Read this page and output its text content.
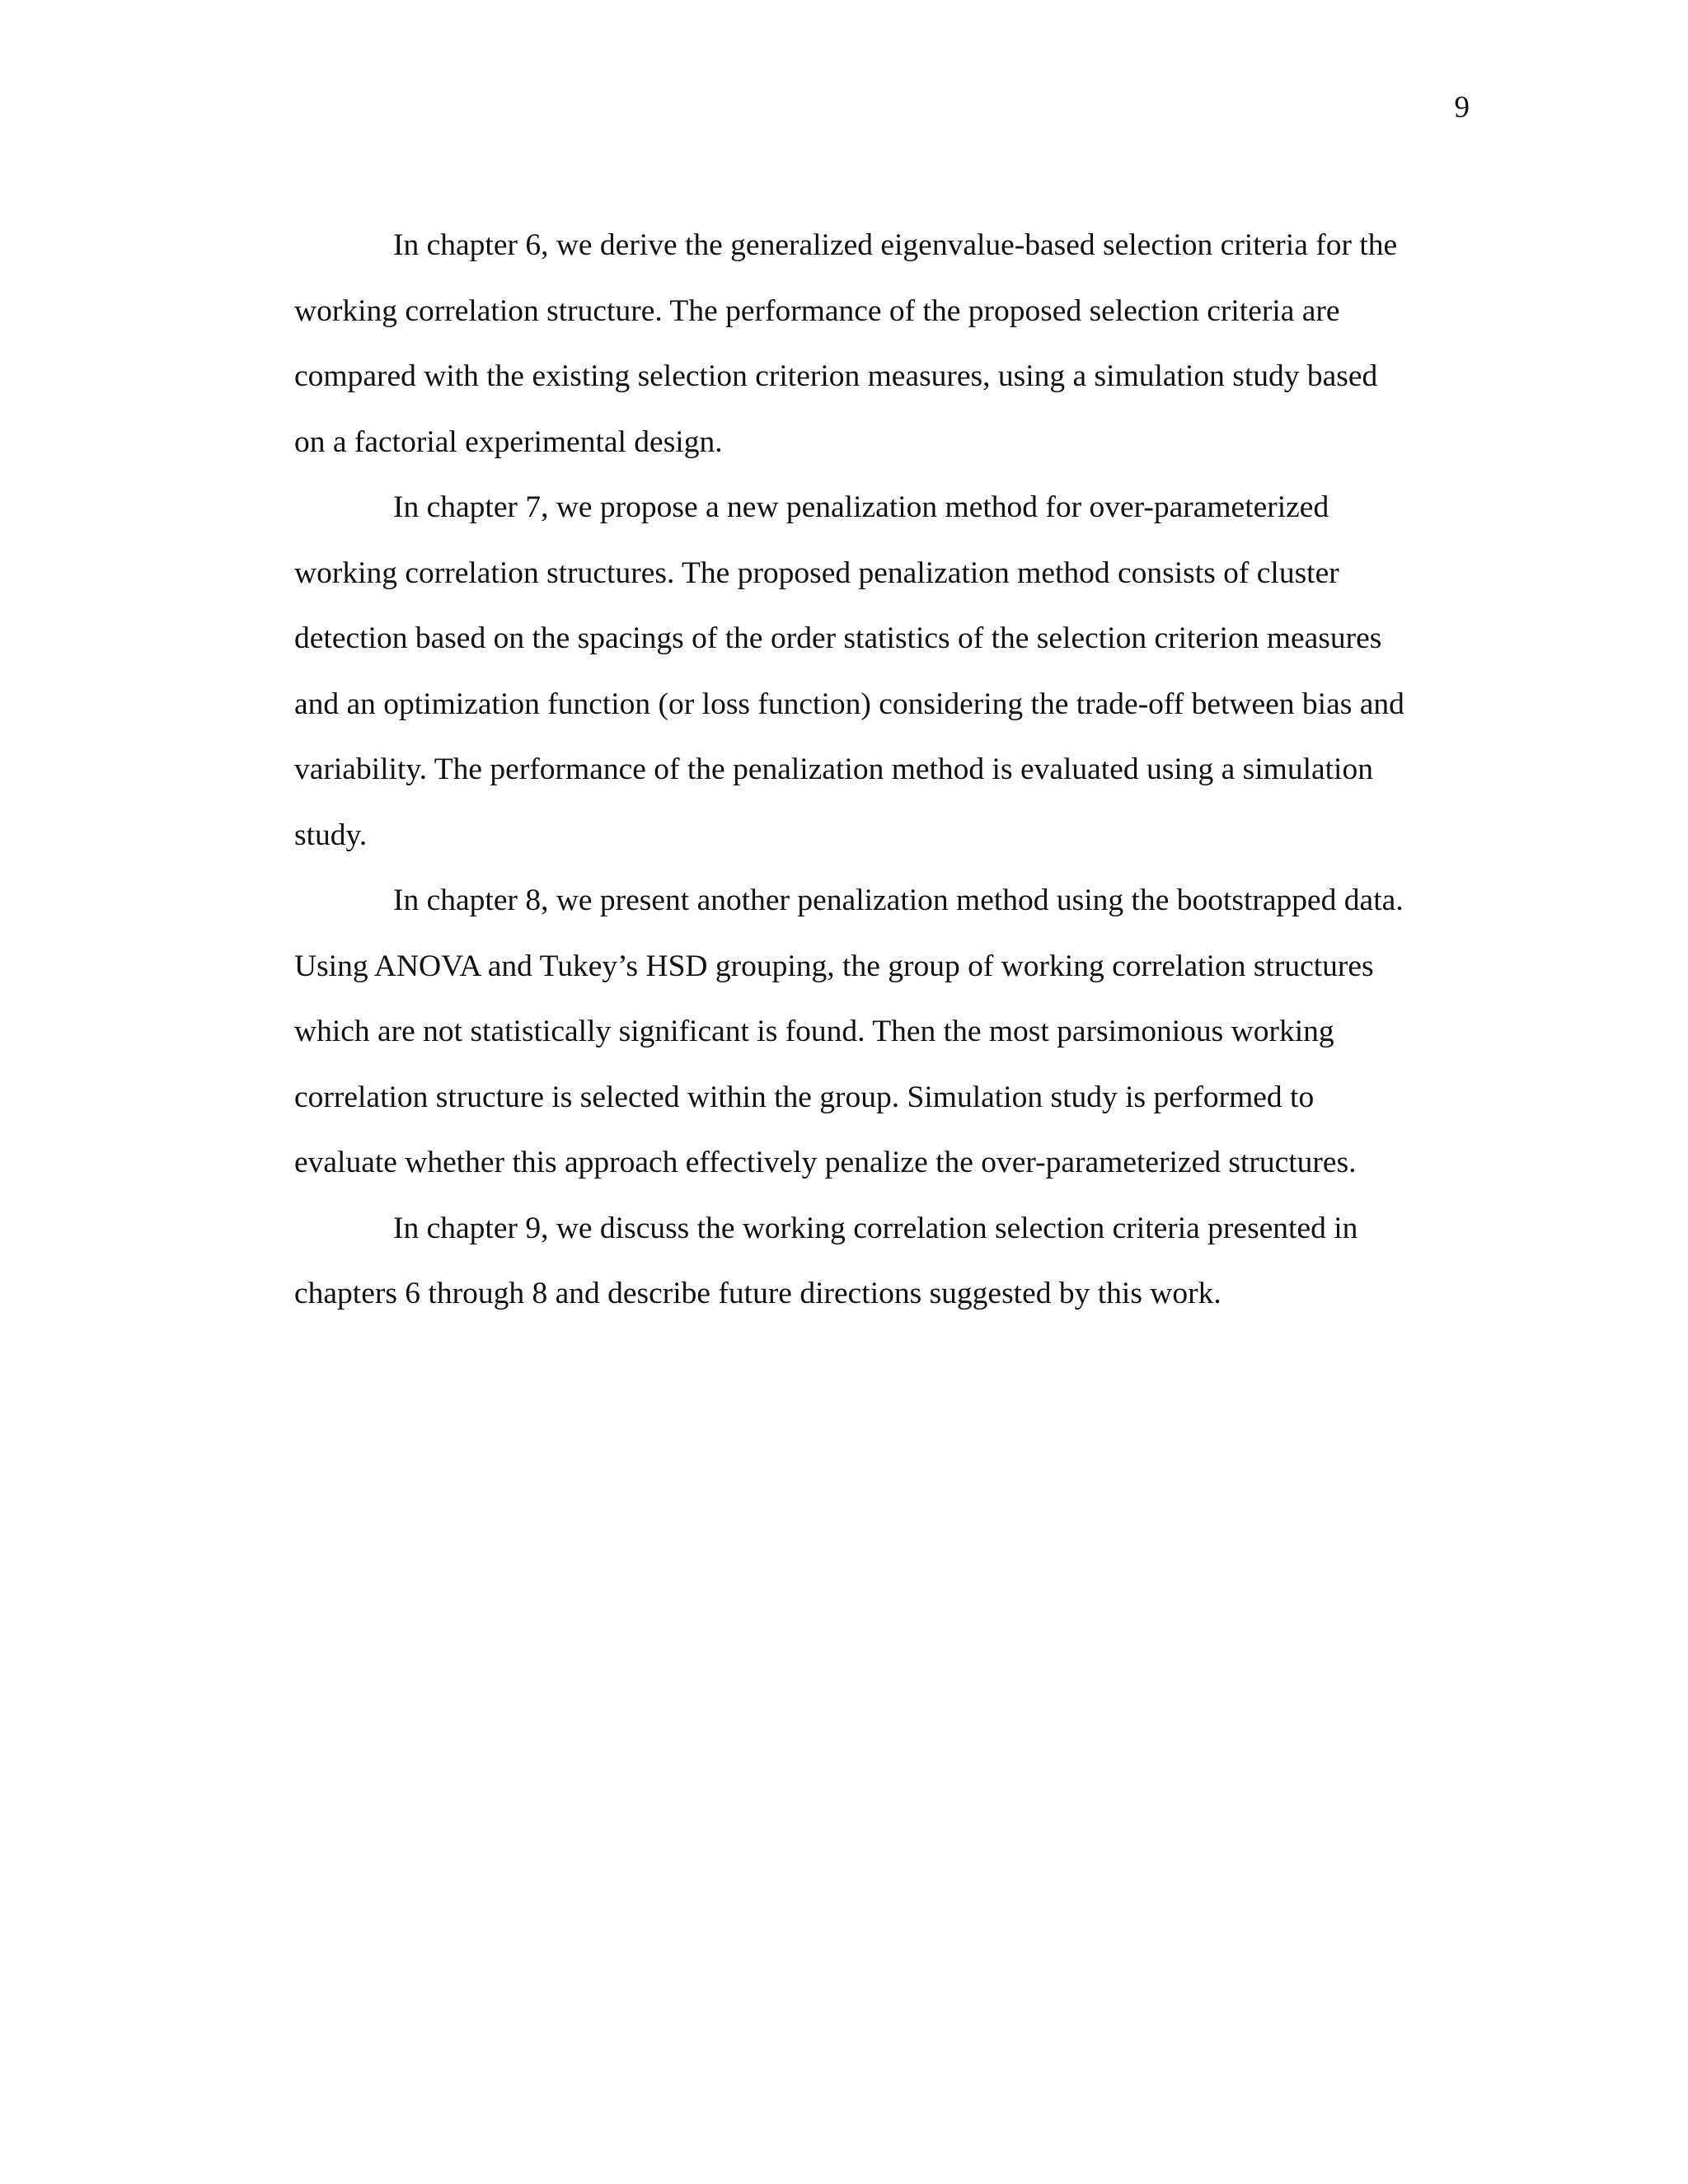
9
In chapter 6, we derive the generalized eigenvalue-based selection criteria for the
working correlation structure. The performance of the proposed selection criteria are
compared with the existing selection criterion measures, using a simulation study based
on a factorial experimental design.
In chapter 7, we propose a new penalization method for over-parameterized
working correlation structures. The proposed penalization method consists of cluster
detection based on the spacings of the order statistics of the selection criterion measures
and an optimization function (or loss function) considering the trade-off between bias and
variability. The performance of the penalization method is evaluated using a simulation
study.
In chapter 8, we present another penalization method using the bootstrapped data.
Using ANOVA and Tukey’s HSD grouping, the group of working correlation structures
which are not statistically significant is found. Then the most parsimonious working
correlation structure is selected within the group. Simulation study is performed to
evaluate whether this approach effectively penalize the over-parameterized structures.
In chapter 9, we discuss the working correlation selection criteria presented in
chapters 6 through 8 and describe future directions suggested by this work.
